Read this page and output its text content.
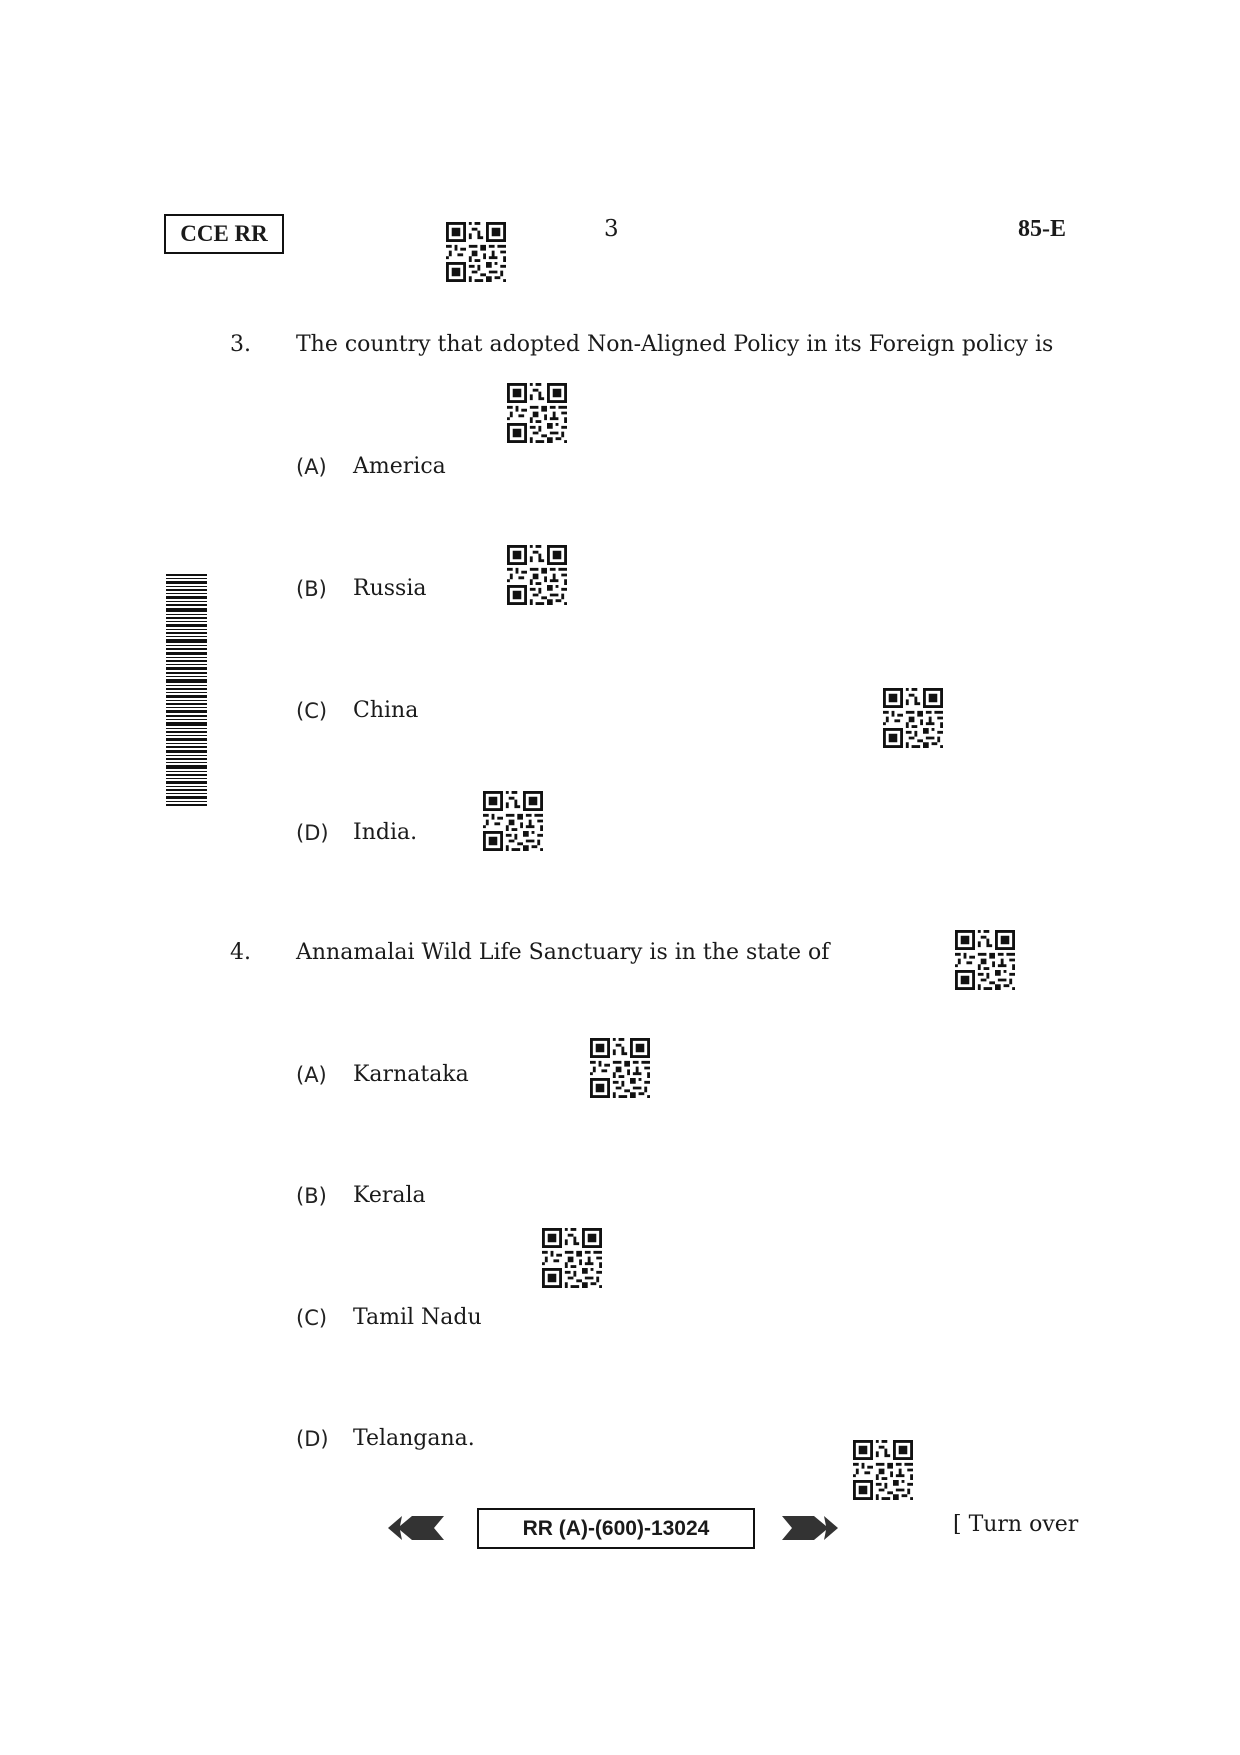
CCE RR	3	85-E
3. The country that adopted Non-Aligned Policy in its Foreign policy is
(A) America
(B) Russia
(C) China
(D) India.
4. Annamalai Wild Life Sanctuary is in the state of
(A) Karnataka
(B) Kerala
(C) Tamil Nadu
(D) Telangana.
RR (A)-(600)-13024	[ Turn over
